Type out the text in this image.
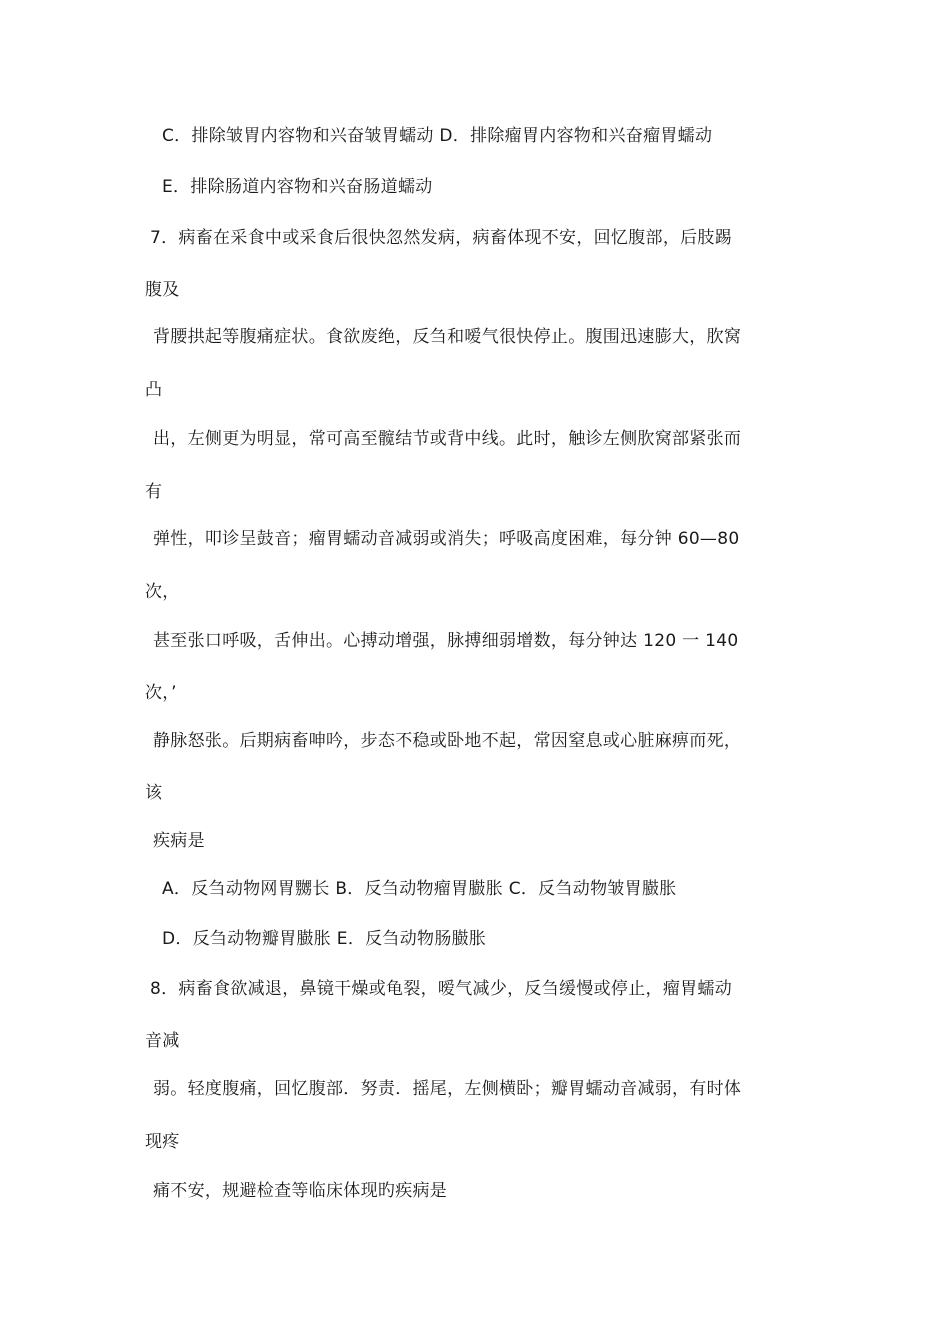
C．排除皱胃内容物和兴奋皱胃蠕动 D．排除瘤胃内容物和兴奋瘤胃蠕动
E．排除肠道内容物和兴奋肠道蠕动
7．病畜在采食中或采食后很快忽然发病，病畜体现不安，回忆腹部，后肢踢
腹及
背腰拱起等腹痛症状。食欲废绝，反刍和嗳气很快停止。腹围迅速膨大，肷窝
凸
出，左侧更为明显，常可高至髋结节或背中线。此时，触诊左侧肷窝部紧张而
有
弹性，叩诊呈鼓音；瘤胃蠕动音减弱或消失；呼吸高度困难，每分钟 60—80
次，
甚至张口呼吸，舌伸出。心搏动增强，脉搏细弱增数，每分钟达 120 一 140
次，’
静脉怒张。后期病畜呻吟，步态不稳或卧地不起，常因窒息或心脏麻痹而死，
该
疾病是
A．反刍动物网胃嬲长 B．反刍动物瘤胃臌胀 C．反刍动物皱胃臌胀
D．反刍动物瓣胃臌胀 E．反刍动物肠臌胀
8．病畜食欲减退，鼻镜干燥或龟裂，嗳气减少，反刍缓慢或停止，瘤胃蠕动
音减
弱。轻度腹痛，回忆腹部．努责．摇尾，左侧横卧；瓣胃蠕动音减弱，有时体
现疼
痛不安，规避检查等临床体现旳疾病是
